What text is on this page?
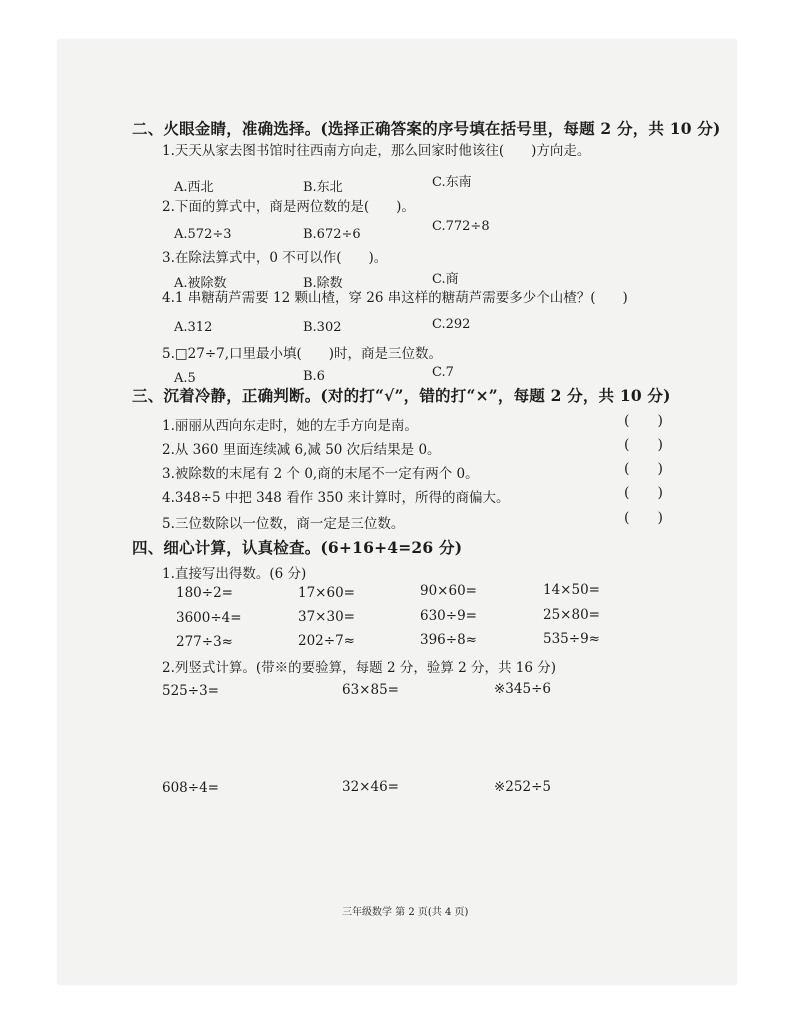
二、火眼金睛，准确选择。(选择正确答案的序号填在括号里，每题 2 分，共 10 分)
1.天天从家去图书馆时往西南方向走，那么回家时他该往(　　)方向走。
A.西北	B.东北	C.东南
2.下面的算式中，商是两位数的是(　　)。
A.572÷3	B.672÷6
C.772÷8
3.在除法算式中，0 不可以作(　　)。
A.被除数	B.除数	C.商
4.1 串糖葫芦需要 12 颗山楂，穿 26 串这样的糖葫芦需要多少个山楂？(　　)
A.312	B.302	C.292
5.□27÷7,口里最小填(　　)时，商是三位数。
A.5	B.6	C.7
三、沉着冷静，正确判断。(对的打“√”，错的打“×”，每题 2 分，共 10 分)
1.丽丽从西向东走时，她的左手方向是南。	(　　)
2.从 360 里面连续减 6,减 50 次后结果是 0。	(　　)
3.被除数的末尾有 2 个 0,商的末尾不一定有两个 0。	(　　)
4.348÷5 中把 348 看作 350 来计算时，所得的商偏大。	(　　)
5.三位数除以一位数，商一定是三位数。	(　　)
四、细心计算，认真检查。(6+16+4=26 分)
1.直接写出得数。(6 分)
180÷2=	17×60=	90×60=	14×50=
3600÷4=	37×30=	630÷9=	25×80=
277÷3≈	202÷7≈	396÷8≈	535÷9≈
2.列竖式计算。(带※的要验算，每题 2 分，验算 2 分，共 16 分)
525÷3=	63×85=	※345÷6
608÷4=	32×46=	※252÷5
三年级数学 第 2 页(共 4 页)
